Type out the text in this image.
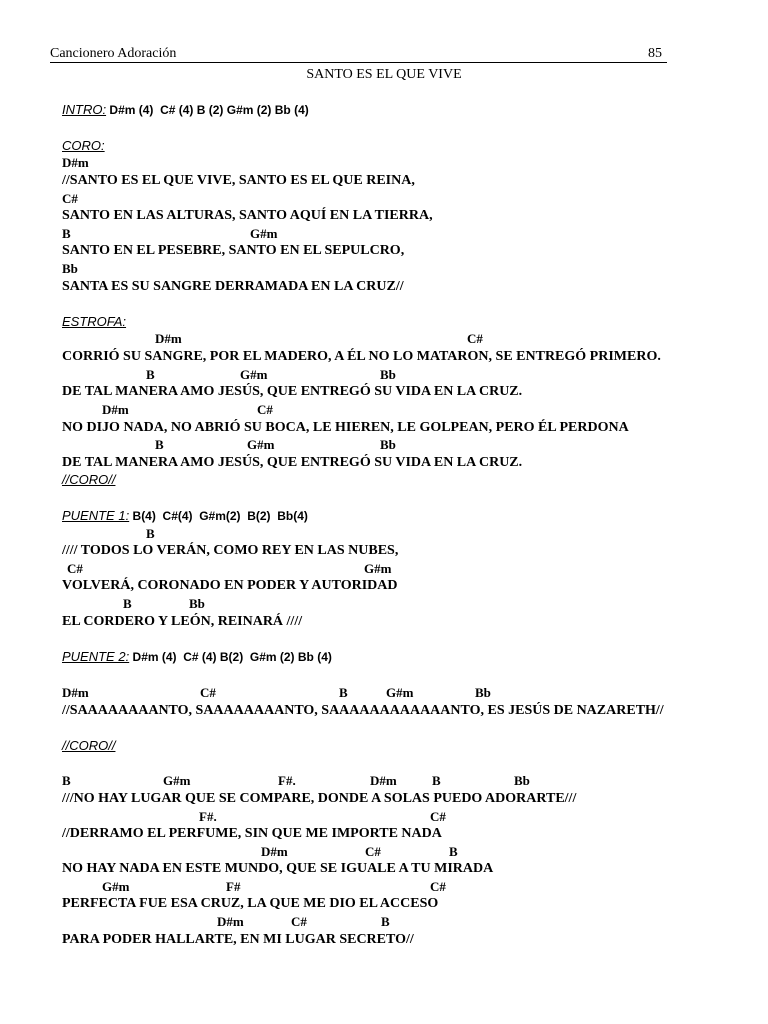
Cancionero Adoración	85
SANTO ES EL QUE VIVE
INTRO: D#m (4)  C# (4) B (2) G#m (2) Bb (4)
CORO:
D#m
//SANTO ES EL QUE VIVE, SANTO ES EL QUE REINA,
C#
SANTO EN LAS ALTURAS, SANTO AQUÍ EN LA TIERRA,
B	G#m
SANTO EN EL PESEBRE, SANTO EN EL SEPULCRO,
Bb
SANTA ES SU SANGRE DERRAMADA EN LA CRUZ//
ESTROFA:
D#m	C#
CORRIÓ SU SANGRE, POR EL MADERO, A ÉL NO LO MATARON, SE ENTREGÓ PRIMERO.
B	G#m	Bb
DE TAL MANERA AMO JESÚS, QUE ENTREGÓ SU VIDA EN LA CRUZ.
D#m	C#
NO DIJO NADA, NO ABRIÓ SU BOCA, LE HIEREN, LE GOLPEAN, PERO ÉL PERDONA
B	G#m	Bb
DE TAL MANERA AMO JESÚS, QUE ENTREGÓ SU VIDA EN LA CRUZ.
//CORO//
PUENTE 1: B(4)  C#(4)  G#m(2)  B(2)  Bb(4)
B
//// TODOS LO VERÁN, COMO REY EN LAS NUBES,
C#	G#m
VOLVERÁ, CORONADO EN PODER Y AUTORIDAD
B	Bb
EL CORDERO Y LEÓN, REINARÁ ////
PUENTE 2: D#m (4)  C# (4) B(2)  G#m (2) Bb (4)
D#m	C#	B	G#m	Bb
//SAAAAAAAANTO, SAAAAAAAANTO, SAAAAAAAAAAAANTO, ES JESÚS DE NAZARETH//
//CORO//
B	G#m	F#.	D#m	B	Bb
///NO HAY LUGAR QUE SE COMPARE, DONDE A SOLAS PUEDO ADORARTE///
F#.	C#
//DERRAMO EL PERFUME, SIN QUE ME IMPORTE NADA
D#m	C#	B
NO HAY NADA EN ESTE MUNDO, QUE SE IGUALE A TU MIRADA
G#m	F#	C#
PERFECTA FUE ESA CRUZ, LA QUE ME DIO EL ACCESO
D#m	C#	B
PARA PODER HALLARTE, EN MI LUGAR SECRETO//
